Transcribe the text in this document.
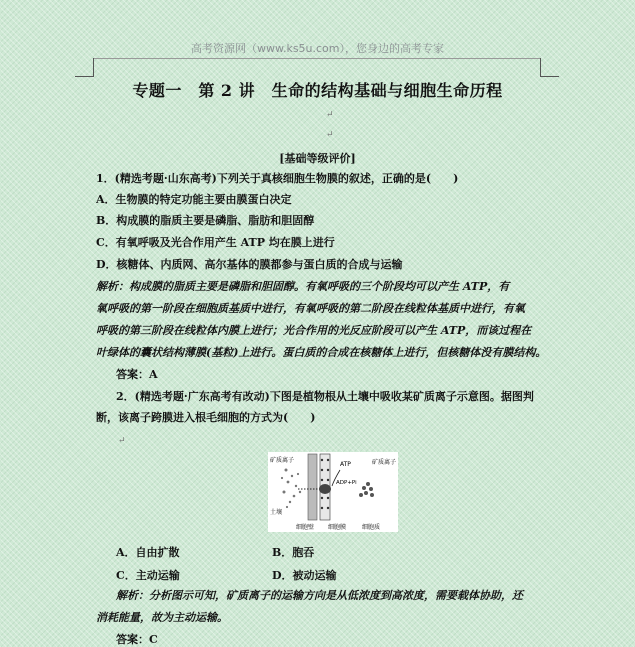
高考资源网（www.ks5u.com），您身边的高考专家
专题一　第 2 讲　生命的结构基础与细胞生命历程
↵
↵
[基础等级评价]
1．(精选考题·山东高考)下列关于真核细胞生物膜的叙述，正确的是(　　)
A．生物膜的特定功能主要由膜蛋白决定
B．构成膜的脂质主要是磷脂、脂肪和胆固醇
C．有氧呼吸及光合作用产生 ATP 均在膜上进行
D．核糖体、内质网、高尔基体的膜都参与蛋白质的合成与运输
解析：构成膜的脂质主要是磷脂和胆固醇。有氧呼吸的三个阶段均可以产生 ATP，有
氧呼吸的第一阶段在细胞质基质中进行，有氧呼吸的第二阶段在线粒体基质中进行，有氧
呼吸的第三阶段在线粒体内膜上进行；光合作用的光反应阶段可以产生 ATP，而该过程在
叶绿体的囊状结构薄膜(基粒)上进行。蛋白质的合成在核糖体上进行，但核糖体没有膜结构。
答案：A
2．(精选考题·广东高考有改动)下图是植物根从土壤中吸收某矿质离子示意图。据图判
断，该离子跨膜进入根毛细胞的方式为(　　)
↵
矿质离子
土壤
ATP
ADP+Pi
矿质离子
细胞壁 细胞膜	细胞质
A．自由扩散	B．胞吞
C．主动运输	D．被动运输
解析：分析图示可知，矿质离子的运输方向是从低浓度到高浓度，需要载体协助，还
消耗能量，故为主动运输。
答案：C
